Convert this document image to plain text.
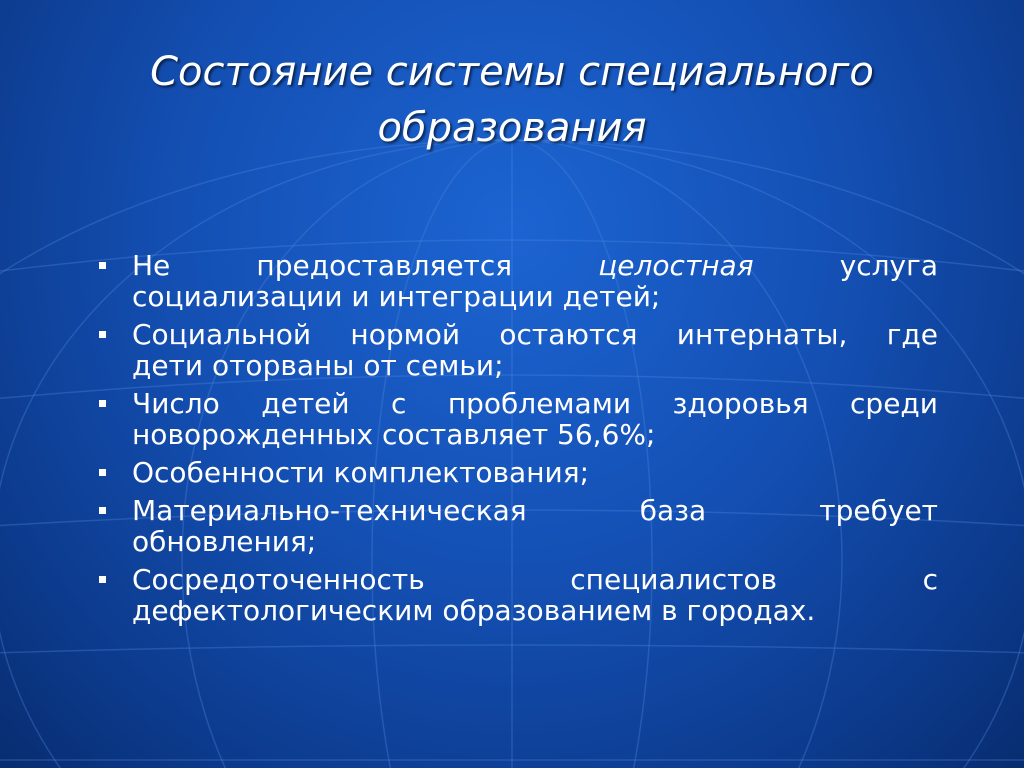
Состояние системы специального
образования
Не предоставляется целостная услуга
социализации и интеграции детей;
Социальной нормой остаются интернаты, где
дети оторваны от семьи;
Число детей с проблемами здоровья среди
новорожденных составляет 56,6%;
Особенности комплектования;
Материально-техническая база требует
обновления;
Сосредоточенность специалистов с
дефектологическим образованием в городах.
